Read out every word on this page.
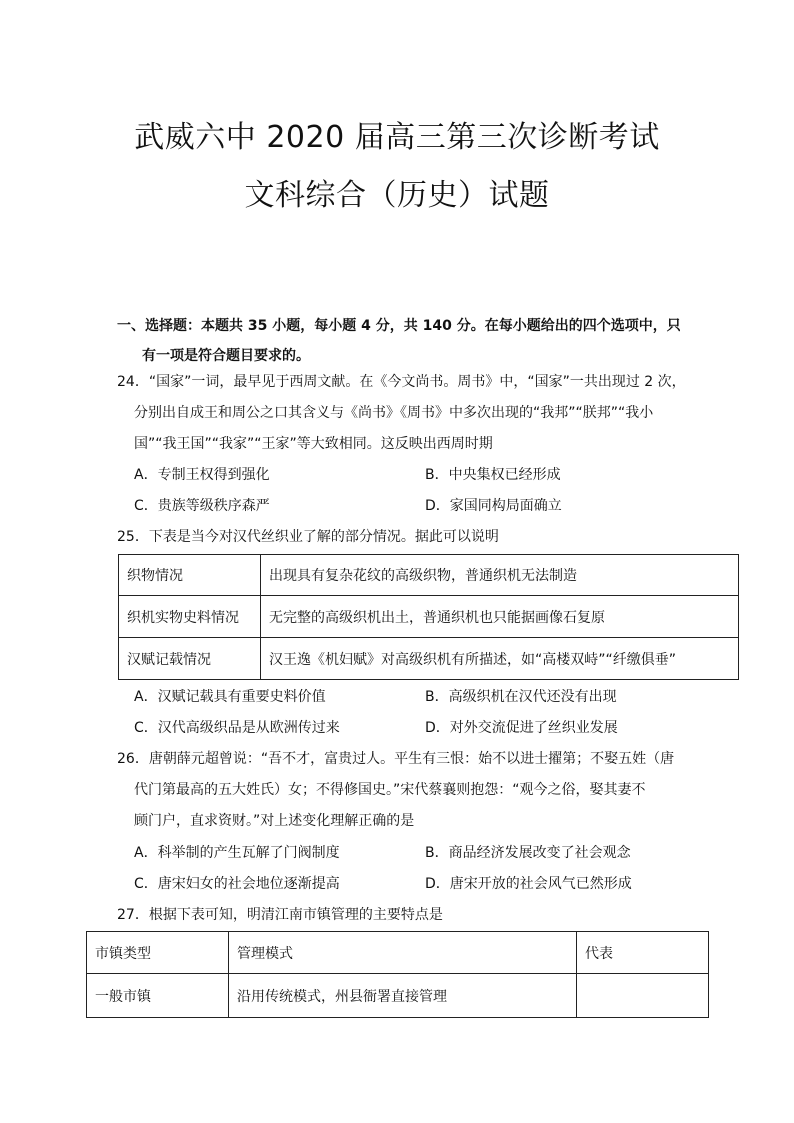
武威六中 2020 届高三第三次诊断考试
文科综合（历史）试题
一、选择题：本题共 35 小题，每小题 4 分，共 140 分。在每小题给出的四个选项中，只
有一项是符合题目要求的。
24．“国家”一词，最早见于西周文献。在《今文尚书。周书》中，“国家”一共出现过 2 次，
分别出自成王和周公之口其含义与《尚书》《周书》中多次出现的“我邦”“朕邦”“我小
国”“我王国”“我家”“王家”等大致相同。这反映出西周时期
A．专制王权得到强化	B．中央集权已经形成
C．贵族等级秩序森严	D．家国同构局面确立
25．下表是当今对汉代丝织业了解的部分情况。据此可以说明
织物情况	出现具有复杂花纹的高级织物，普通织机无法制造
织机实物史料情况	无完整的高级织机出土，普通织机也只能据画像石复原
汉赋记载情况	汉王逸《机妇赋》对高级织机有所描述，如“高楼双峙”“纤缴俱垂”
A．汉赋记载具有重要史料价值	B．高级织机在汉代还没有出现
C．汉代高级织品是从欧洲传过来	D．对外交流促进了丝织业发展
26．唐朝薛元超曾说：“吾不才，富贵过人。平生有三恨：始不以进士擢第；不娶五姓（唐
代门第最高的五大姓氏）女；不得修国史。”宋代蔡襄则抱怨：“观今之俗，娶其妻不
顾门户，直求资财。”对上述变化理解正确的是
A．科举制的产生瓦解了门阀制度	B．商品经济发展改变了社会观念
C．唐宋妇女的社会地位逐渐提高	D．唐宋开放的社会风气已然形成
27．根据下表可知，明清江南市镇管理的主要特点是
市镇类型	管理模式	代表
一般市镇	沿用传统模式，州县衙署直接管理	
